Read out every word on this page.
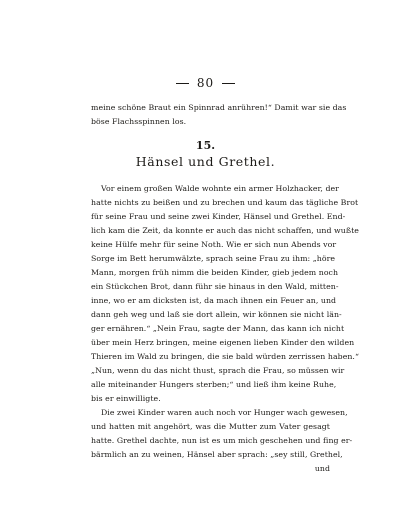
80
meine schöne Braut ein Spinnrad anrühren!“ Damit war sie das
böse Flachsspinnen los.
15.
Hänsel und Grethel.
Vor einem großen Walde wohnte ein armer Holzhacker, der
hatte nichts zu beißen und zu brechen und kaum das tägliche Brot
für seine Frau und seine zwei Kinder, Hänsel und Grethel. End-
lich kam die Zeit, da konnte er auch das nicht schaffen, und wußte
keine Hülfe mehr für seine Noth. Wie er sich nun Abends vor
Sorge im Bett herumwälzte, sprach seine Frau zu ihm: „höre
Mann, morgen früh nimm die beiden Kinder, gieb jedem noch
ein Stückchen Brot, dann führ sie hinaus in den Wald, mitten-
inne, wo er am dicksten ist, da mach ihnen ein Feuer an, und
dann geh weg und laß sie dort allein, wir können sie nicht län-
ger ernähren.“ „Nein Frau, sagte der Mann, das kann ich nicht
über mein Herz bringen, meine eigenen lieben Kinder den wilden
Thieren im Wald zu bringen, die sie bald würden zerrissen haben.“
„Nun, wenn du das nicht thust, sprach die Frau, so müssen wir
alle miteinander Hungers sterben;“ und ließ ihm keine Ruhe,
bis er einwilligte.
Die zwei Kinder waren auch noch vor Hunger wach gewesen,
und hatten mit angehört, was die Mutter zum Vater gesagt
hatte. Grethel dachte, nun ist es um mich geschehen und fing er-
bärmlich an zu weinen, Hänsel aber sprach: „sey still, Grethel,
und
